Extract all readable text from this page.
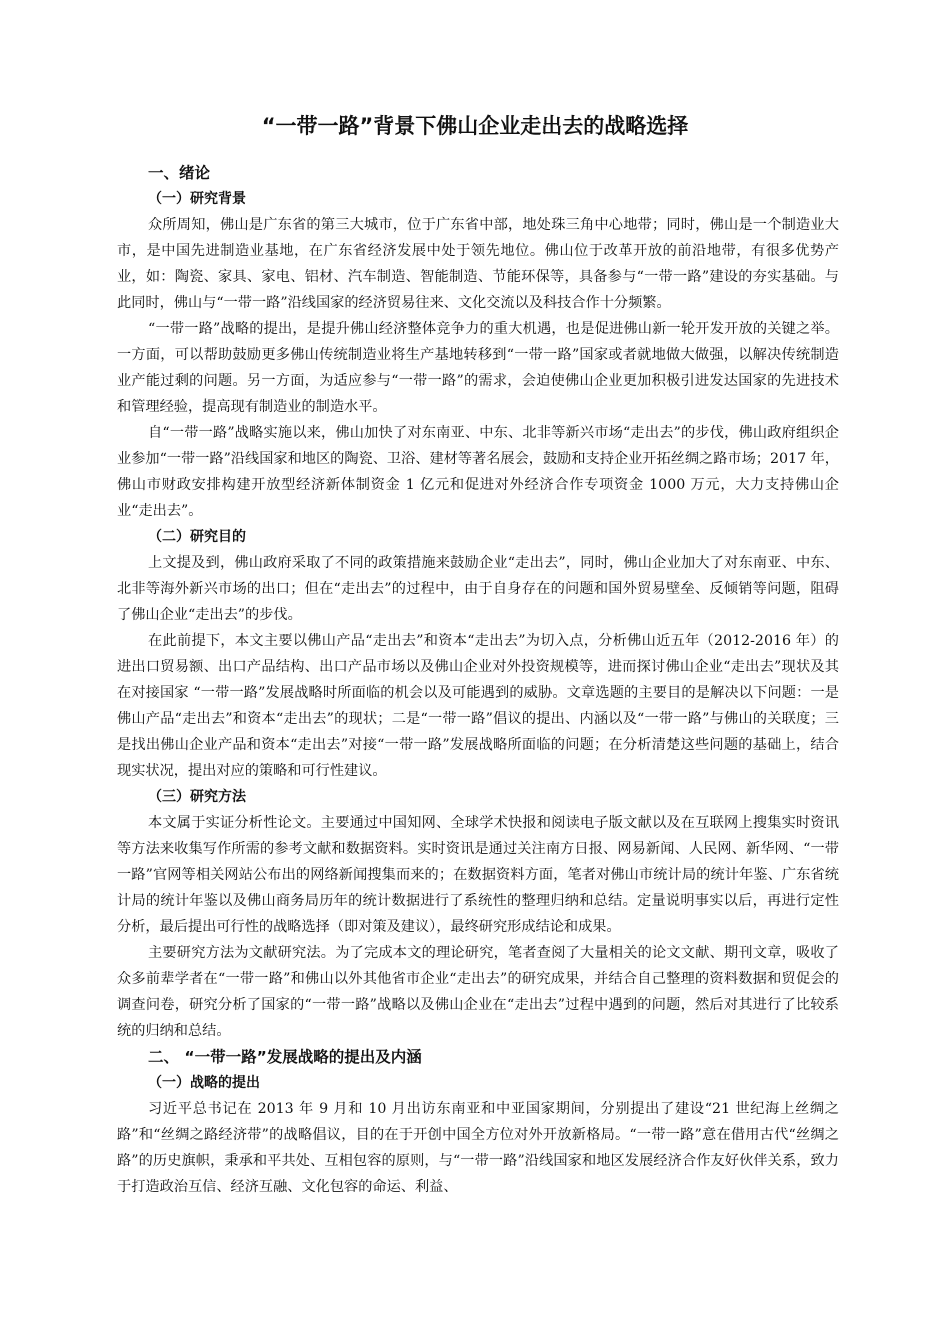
“一带一路”背景下佛山企业走出去的战略选择
一、绪论
（一）研究背景

众所周知，佛山是广东省的第三大城市，位于广东省中部，地处珠三角中心地带；同时，佛山是一个制造业大市，是中国先进制造业基地，在广东省经济发展中处于领先地位。佛山位于改革开放的前沿地带，有很多优势产业，如：陶瓷、家具、家电、铝材、汽车制造、智能制造、节能环保等，具备参与“一带一路”建设的夯实基础。与此同时，佛山与“一带一路”沿线国家的经济贸易往来、文化交流以及科技合作十分频繁。

“一带一路”战略的提出，是提升佛山经济整体竞争力的重大机遇，也是促进佛山新一轮开发开放的关键之举。一方面，可以帮助鼓励更多佛山传统制造业将生产基地转移到“一带一路”国家或者就地做大做强，以解决传统制造业产能过剩的问题。另一方面，为适应参与“一带一路”的需求，会迫使佛山企业更加积极引进发达国家的先进技术和管理经验，提高现有制造业的制造水平。

自“一带一路”战略实施以来，佛山加快了对东南亚、中东、北非等新兴市场“走出去”的步伐，佛山政府组织企业参加“一带一路”沿线国家和地区的陶瓷、卫浴、建材等著名展会，鼓励和支持企业开拓丝绸之路市场；2017 年，佛山市财政安排构建开放型经济新体制资金 1 亿元和促进对外经济合作专项资金 1000 万元，大力支持佛山企业“走出去”。

（二）研究目的

上文提及到，佛山政府采取了不同的政策措施来鼓励企业“走出去”，同时，佛山企业加大了对东南亚、中东、北非等海外新兴市场的出口；但在“走出去”的过程中，由于自身存在的问题和国外贸易壁垒、反倾销等问题，阻碍了佛山企业“走出去”的步伐。

在此前提下，本文主要以佛山产品“走出去”和资本“走出去”为切入点，分析佛山近五年（2012-2016 年）的进出口贸易额、出口产品结构、出口产品市场以及佛山企业对外投资规模等，进而探讨佛山企业“走出去”现状及其在对接国家 “一带一路”发展战略时所面临的机会以及可能遇到的威胁。文章选题的主要目的是解决以下问题：一是佛山产品“走出去”和资本“走出去”的现状；二是“一带一路”倡议的提出、内涵以及“一带一路”与佛山的关联度；三是找出佛山企业产品和资本“走出去”对接“一带一路”发展战略所面临的问题；在分析清楚这些问题的基础上，结合现实状况，提出对应的策略和可行性建议。

（三）研究方法

本文属于实证分析性论文。主要通过中国知网、全球学术快报和阅读电子版文献以及在互联网上搜集实时资讯等方法来收集写作所需的参考文献和数据资料。实时资讯是通过关注南方日报、网易新闻、人民网、新华网、“一带一路”官网等相关网站公布出的网络新闻搜集而来的；在数据资料方面，笔者对佛山市统计局的统计年鉴、广东省统计局的统计年鉴以及佛山商务局历年的统计数据进行了系统性的整理归纳和总结。定量说明事实以后，再进行定性分析，最后提出可行性的战略选择（即对策及建议），最终研究形成结论和成果。

主要研究方法为文献研究法。为了完成本文的理论研究，笔者查阅了大量相关的论文文献、期刊文章，吸收了众多前辈学者在“一带一路”和佛山以外其他省市企业“走出去”的研究成果，并结合自己整理的资料数据和贸促会的调查问卷，研究分析了国家的“一带一路”战略以及佛山企业在“走出去”过程中遇到的问题，然后对其进行了比较系统的归纳和总结。

二、 “一带一路”发展战略的提出及内涵
（一）战略的提出

习近平总书记在 2013 年 9 月和 10 月出访东南亚和中亚国家期间，分别提出了建设“21 世纪海上丝绸之路”和“丝绸之路经济带”的战略倡议，目的在于开创中国全方位对外开放新格局。“一带一路”意在借用古代“丝绸之路”的历史旗帜，秉承和平共处、互相包容的原则，与“一带一路”沿线国家和地区发展经济合作友好伙伴关系，致力于打造政治互信、经济互融、文化包容的命运、利益、
